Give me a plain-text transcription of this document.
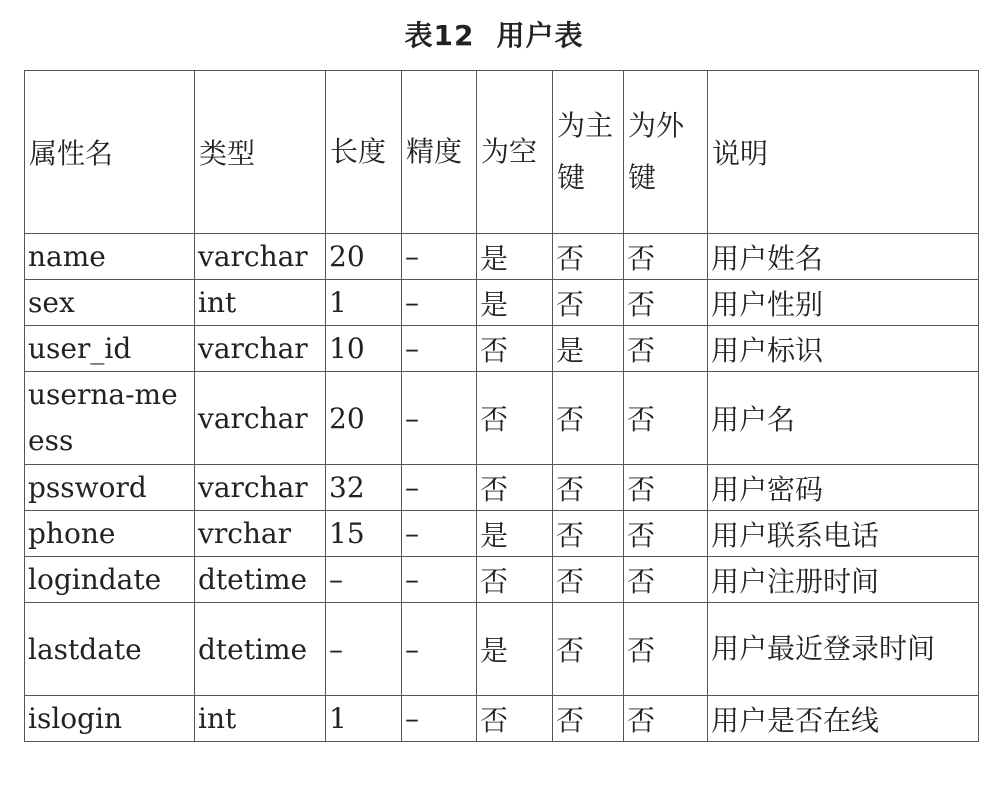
表12 用户表
属性名	类型	长度	精度	为空	为主键	为外键	说明
name	varchar	20	–	是	否	否	用户姓名
sex	int	1	–	是	否	否	用户性别
user_id	varchar	10	–	否	是	否	用户标识
userna-meess	varchar	20	–	否	否	否	用户名
pssword	varchar	32	–	否	否	否	用户密码
phone	vrchar	15	–	是	否	否	用户联系电话
logindate	dtetime	–	–	否	否	否	用户注册时间
lastdate	dtetime	–	–	是	否	否	用户最近登录时间
islogin	int	1	–	否	否	否	用户是否在线
